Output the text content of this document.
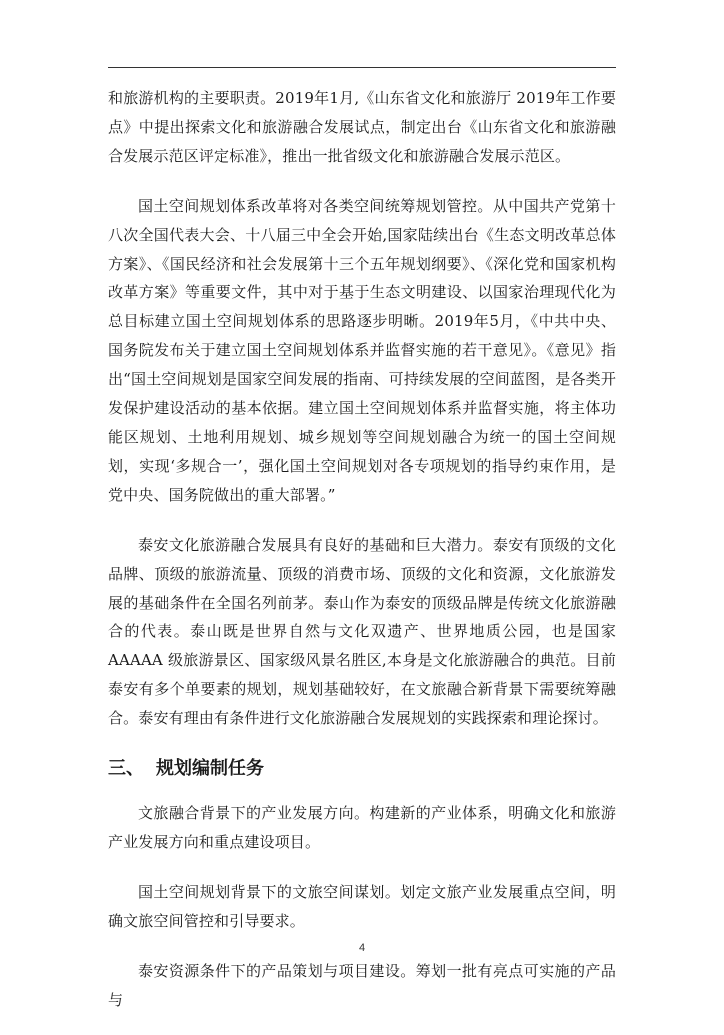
和旅游机构的主要职责。2019年1月,《山东省文化和旅游厅 2019年工作要点》中提出探索文化和旅游融合发展试点，制定出台《山东省文化和旅游融合发展示范区评定标准》，推出一批省级文化和旅游融合发展示范区。

国土空间规划体系改革将对各类空间统筹规划管控。从中国共产党第十八次全国代表大会、十八届三中全会开始,国家陆续出台《生态文明改革总体方案》、《国民经济和社会发展第十三个五年规划纲要》、《深化党和国家机构改革方案》等重要文件，其中对于基于生态文明建设、以国家治理现代化为总目标建立国土空间规划体系的思路逐步明晰。2019年5月，《中共中央、国务院发布关于建立国土空间规划体系并监督实施的若干意见》。《意见》指出“国土空间规划是国家空间发展的指南、可持续发展的空间蓝图，是各类开发保护建设活动的基本依据。建立国土空间规划体系并监督实施，将主体功能区规划、土地利用规划、城乡规划等空间规划融合为统一的国土空间规划，实现‘多规合一’，强化国土空间规划对各专项规划的指导约束作用，是党中央、国务院做出的重大部署。”

泰安文化旅游融合发展具有良好的基础和巨大潜力。泰安有顶级的文化品牌、顶级的旅游流量、顶级的消费市场、顶级的文化和资源，文化旅游发展的基础条件在全国名列前茅。泰山作为泰安的顶级品牌是传统文化旅游融合的代表。泰山既是世界自然与文化双遗产、世界地质公园，也是国家 AAAAA 级旅游景区、国家级风景名胜区,本身是文化旅游融合的典范。目前泰安有多个单要素的规划，规划基础较好，在文旅融合新背景下需要统筹融合。泰安有理由有条件进行文化旅游融合发展规划的实践探索和理论探讨。

三、 规划编制任务

文旅融合背景下的产业发展方向。构建新的产业体系，明确文化和旅游产业发展方向和重点建设项目。

国土空间规划背景下的文旅空间谋划。划定文旅产业发展重点空间，明确文旅空间管控和引导要求。

泰安资源条件下的产品策划与项目建设。筹划一批有亮点可实施的产品与

4
